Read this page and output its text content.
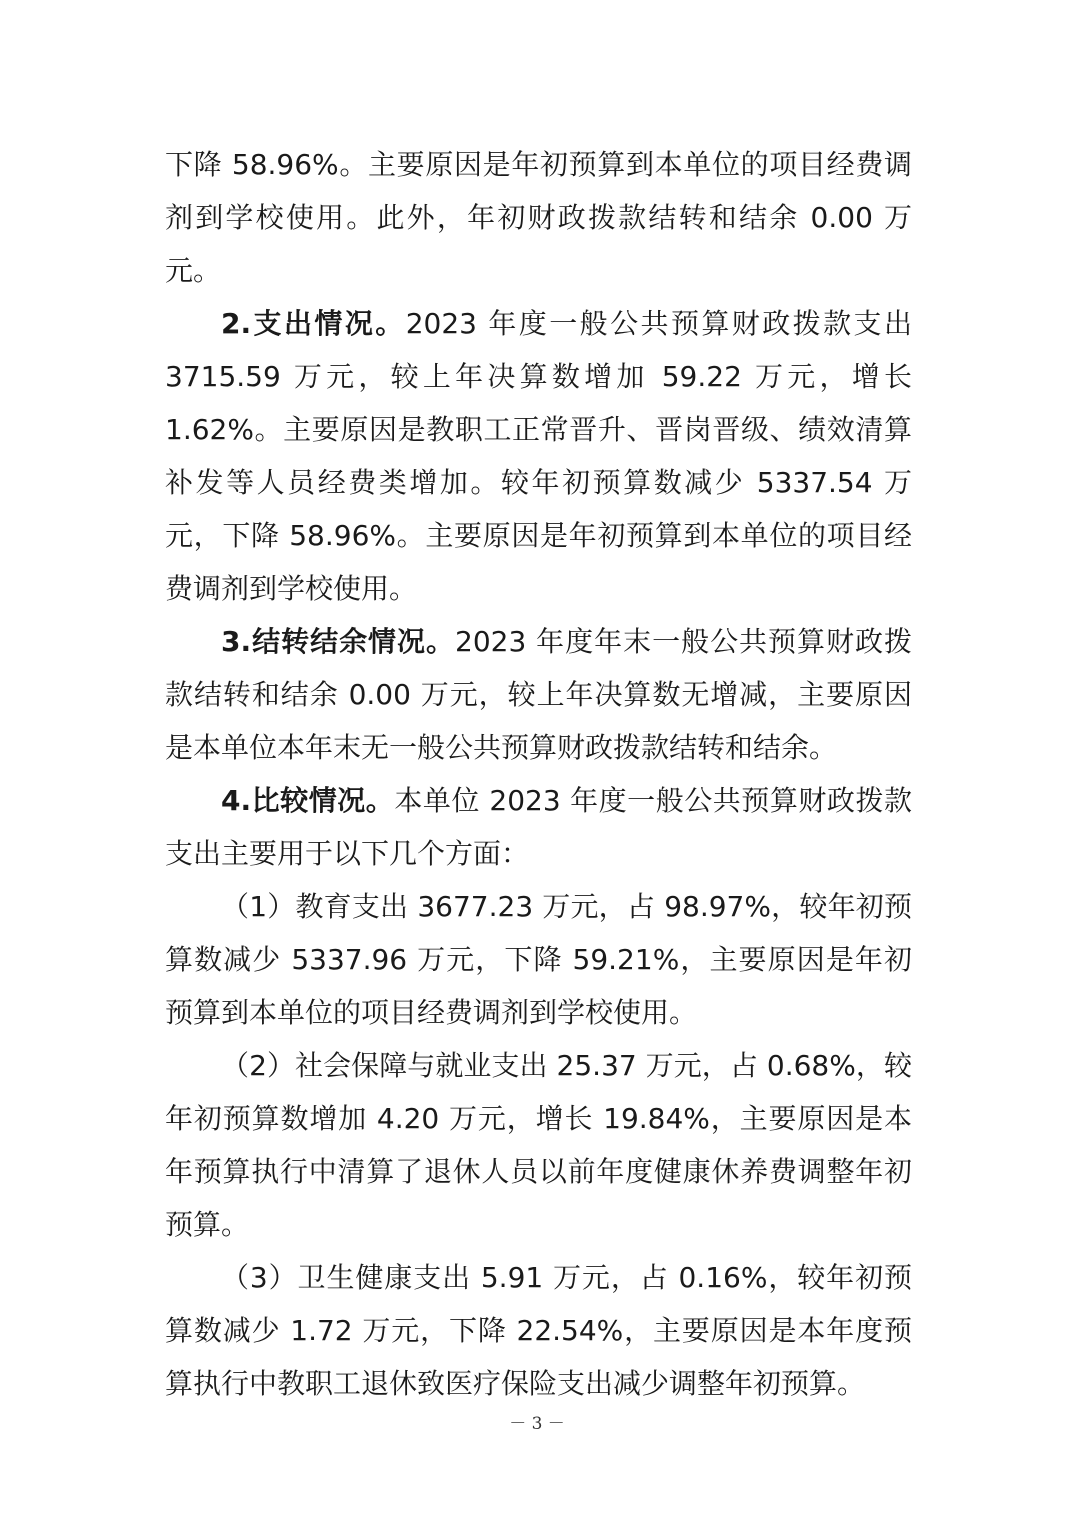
下降 58.96%。主要原因是年初预算到本单位的项目经费调剂到学校使用。此外，年初财政拨款结转和结余 0.00 万元。

2.支出情况。2023 年度一般公共预算财政拨款支出 3715.59 万元，较上年决算数增加 59.22 万元，增长 1.62%。主要原因是教职工正常晋升、晋岗晋级、绩效清算补发等人员经费类增加。较年初预算数减少 5337.54 万元，下降 58.96%。主要原因是年初预算到本单位的项目经费调剂到学校使用。

3.结转结余情况。2023 年度年末一般公共预算财政拨款结转和结余 0.00 万元，较上年决算数无增减，主要原因是本单位本年末无一般公共预算财政拨款结转和结余。

4.比较情况。本单位 2023 年度一般公共预算财政拨款支出主要用于以下几个方面：

（1）教育支出 3677.23 万元，占 98.97%，较年初预算数减少 5337.96 万元，下降 59.21%，主要原因是年初预算到本单位的项目经费调剂到学校使用。

（2）社会保障与就业支出 25.37 万元，占 0.68%，较年初预算数增加 4.20 万元，增长 19.84%，主要原因是本年预算执行中清算了退休人员以前年度健康休养费调整年初预算。

（3）卫生健康支出 5.91 万元，占 0.16%，较年初预算数减少 1.72 万元，下降 22.54%，主要原因是本年度预算执行中教职工退休致医疗保险支出减少调整年初预算。

－ 3 －
